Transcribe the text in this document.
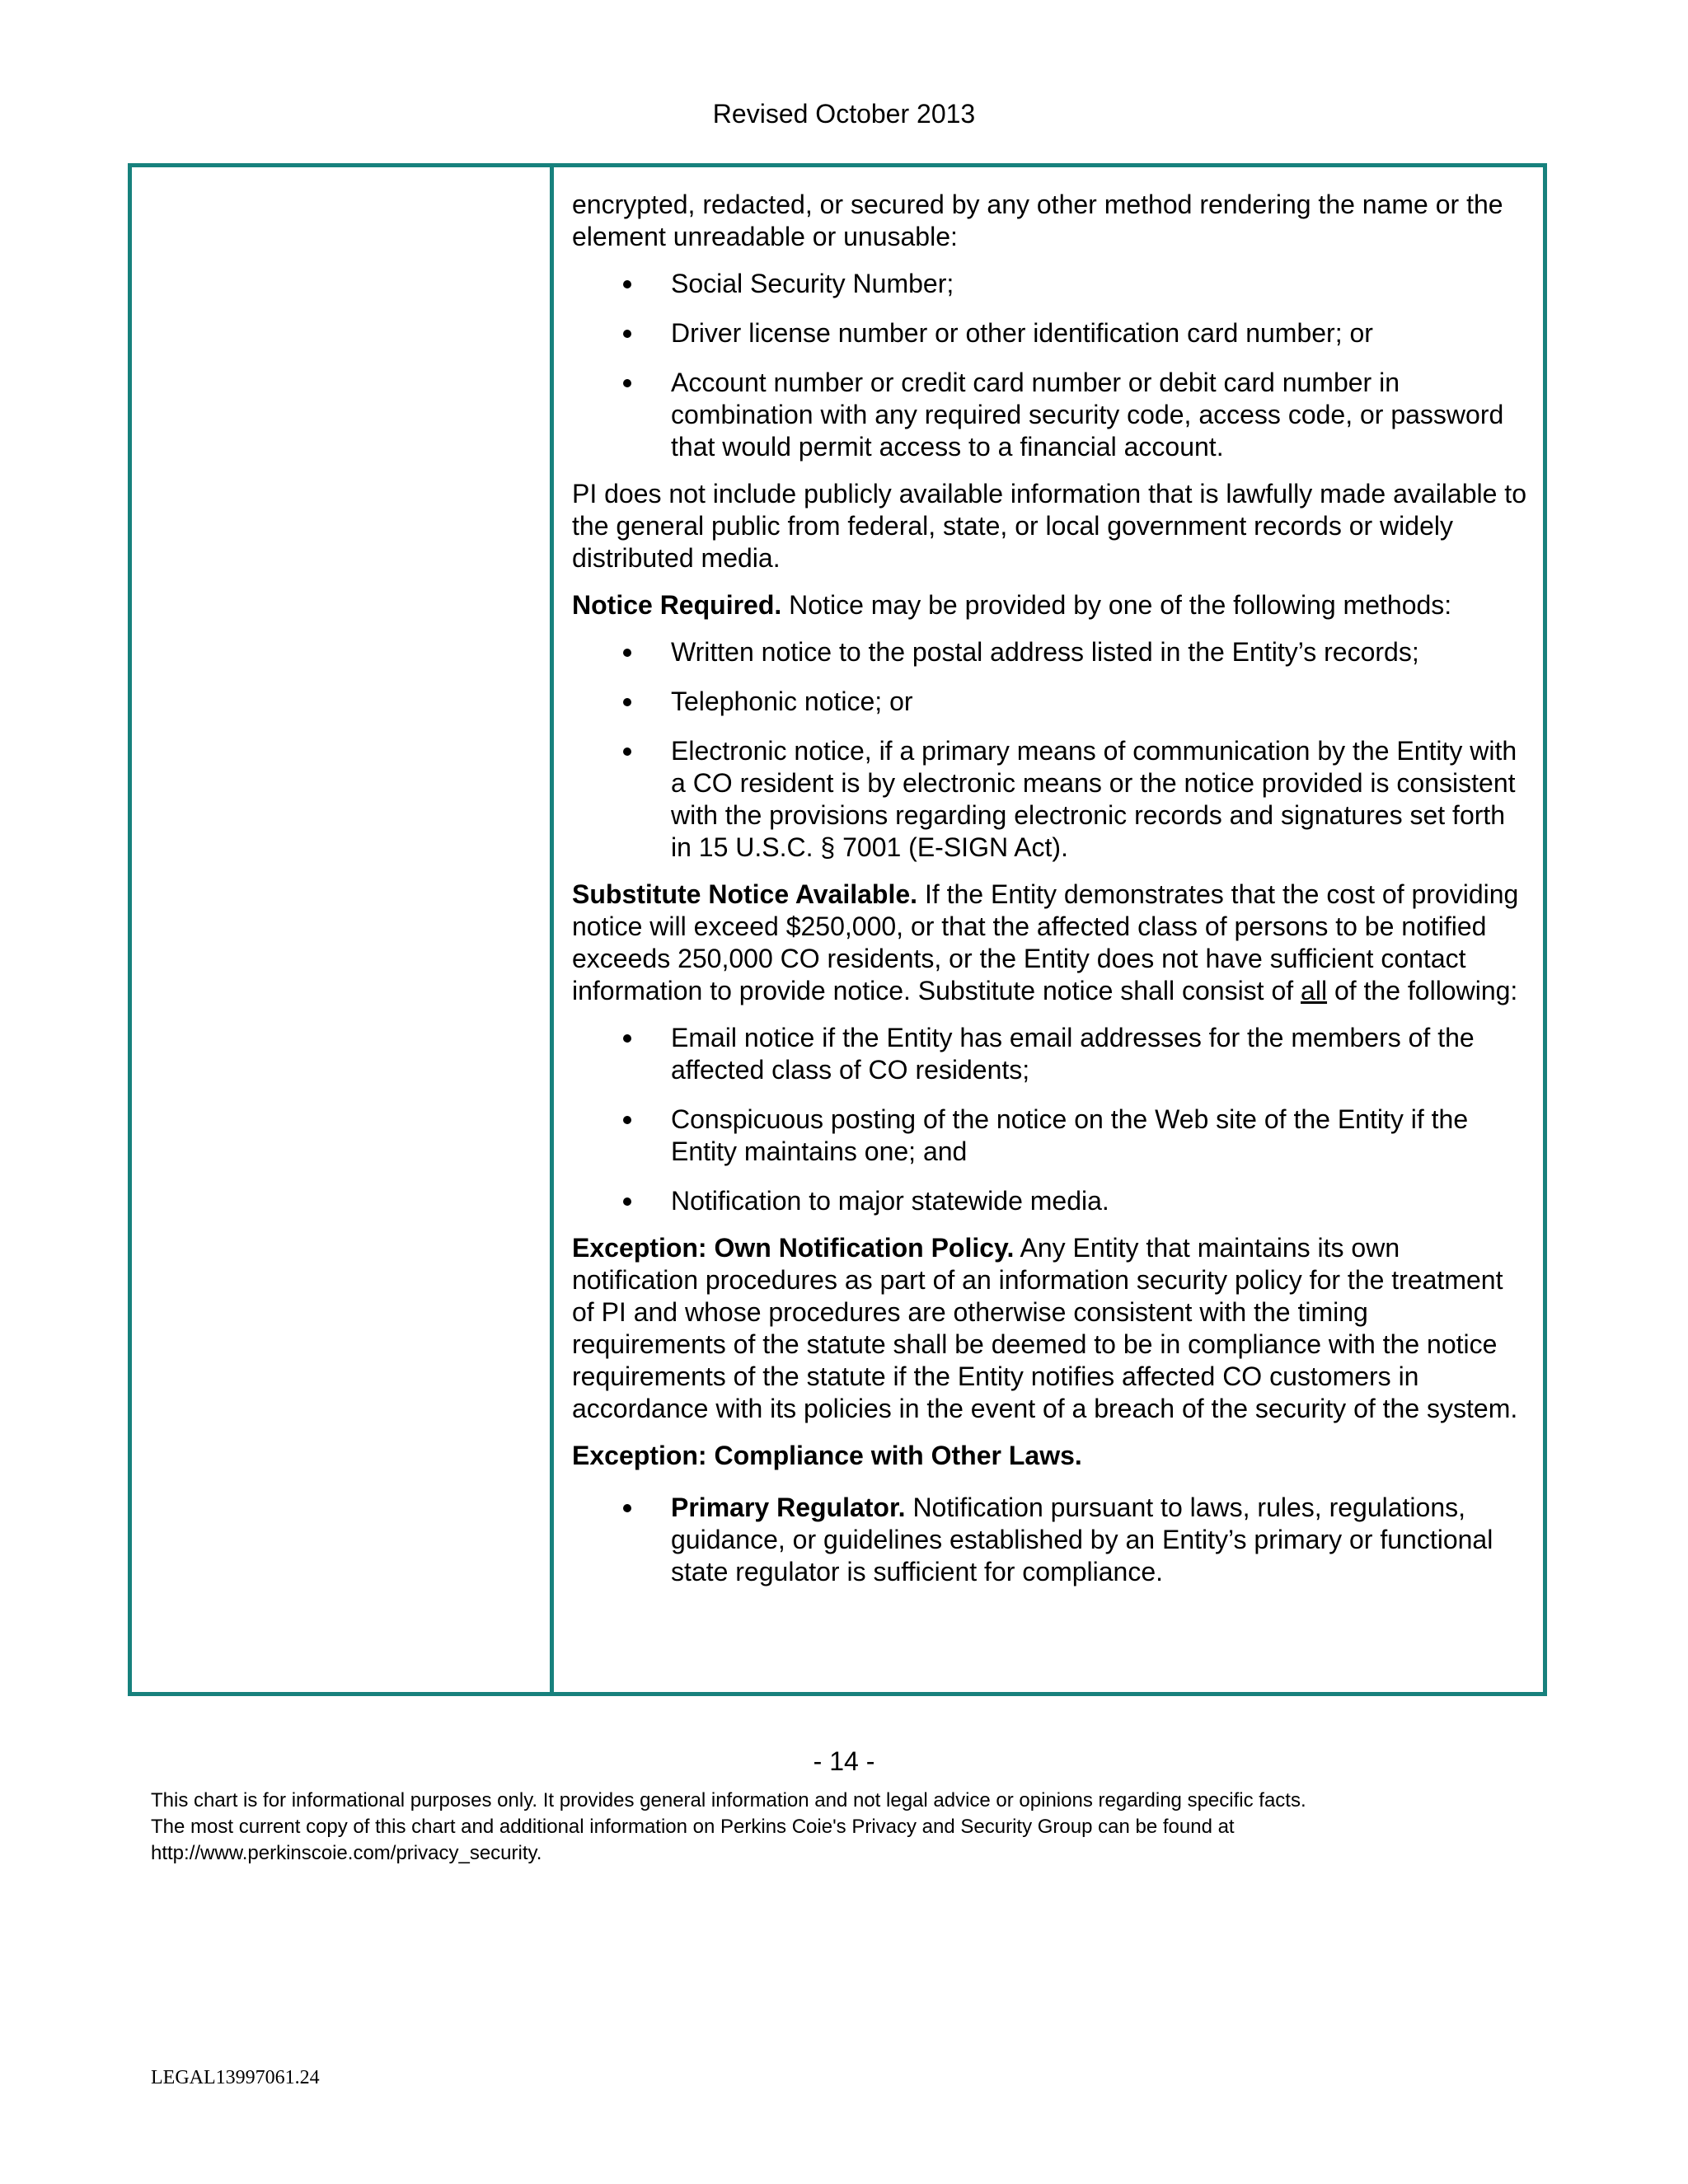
Revised October 2013

encrypted, redacted, or secured by any other method rendering the name or the element unreadable or unusable:

Social Security Number;
Driver license number or other identification card number; or
Account number or credit card number or debit card number in combination with any required security code, access code, or password that would permit access to a financial account.

PI does not include publicly available information that is lawfully made available to the general public from federal, state, or local government records or widely distributed media.

Notice Required. Notice may be provided by one of the following methods:

Written notice to the postal address listed in the Entity’s records;
Telephonic notice; or
Electronic notice, if a primary means of communication by the Entity with a CO resident is by electronic means or the notice provided is consistent with the provisions regarding electronic records and signatures set forth in 15 U.S.C. § 7001 (E-SIGN Act).

Substitute Notice Available. If the Entity demonstrates that the cost of providing notice will exceed $250,000, or that the affected class of persons to be notified exceeds 250,000 CO residents, or the Entity does not have sufficient contact information to provide notice. Substitute notice shall consist of all of the following:

Email notice if the Entity has email addresses for the members of the affected class of CO residents;
Conspicuous posting of the notice on the Web site of the Entity if the Entity maintains one; and
Notification to major statewide media.

Exception: Own Notification Policy. Any Entity that maintains its own notification procedures as part of an information security policy for the treatment of PI and whose procedures are otherwise consistent with the timing requirements of the statute shall be deemed to be in compliance with the notice requirements of the statute if the Entity notifies affected CO customers in accordance with its policies in the event of a breach of the security of the system.

Exception: Compliance with Other Laws.

Primary Regulator. Notification pursuant to laws, rules, regulations, guidance, or guidelines established by an Entity’s primary or functional state regulator is sufficient for compliance.
- 14 -
This chart is for informational purposes only. It provides general information and not legal advice or opinions regarding specific facts.
The most current copy of this chart and additional information on Perkins Coie's Privacy and Security Group can be found at
http://www.perkinscoie.com/privacy_security.
LEGAL13997061.24
